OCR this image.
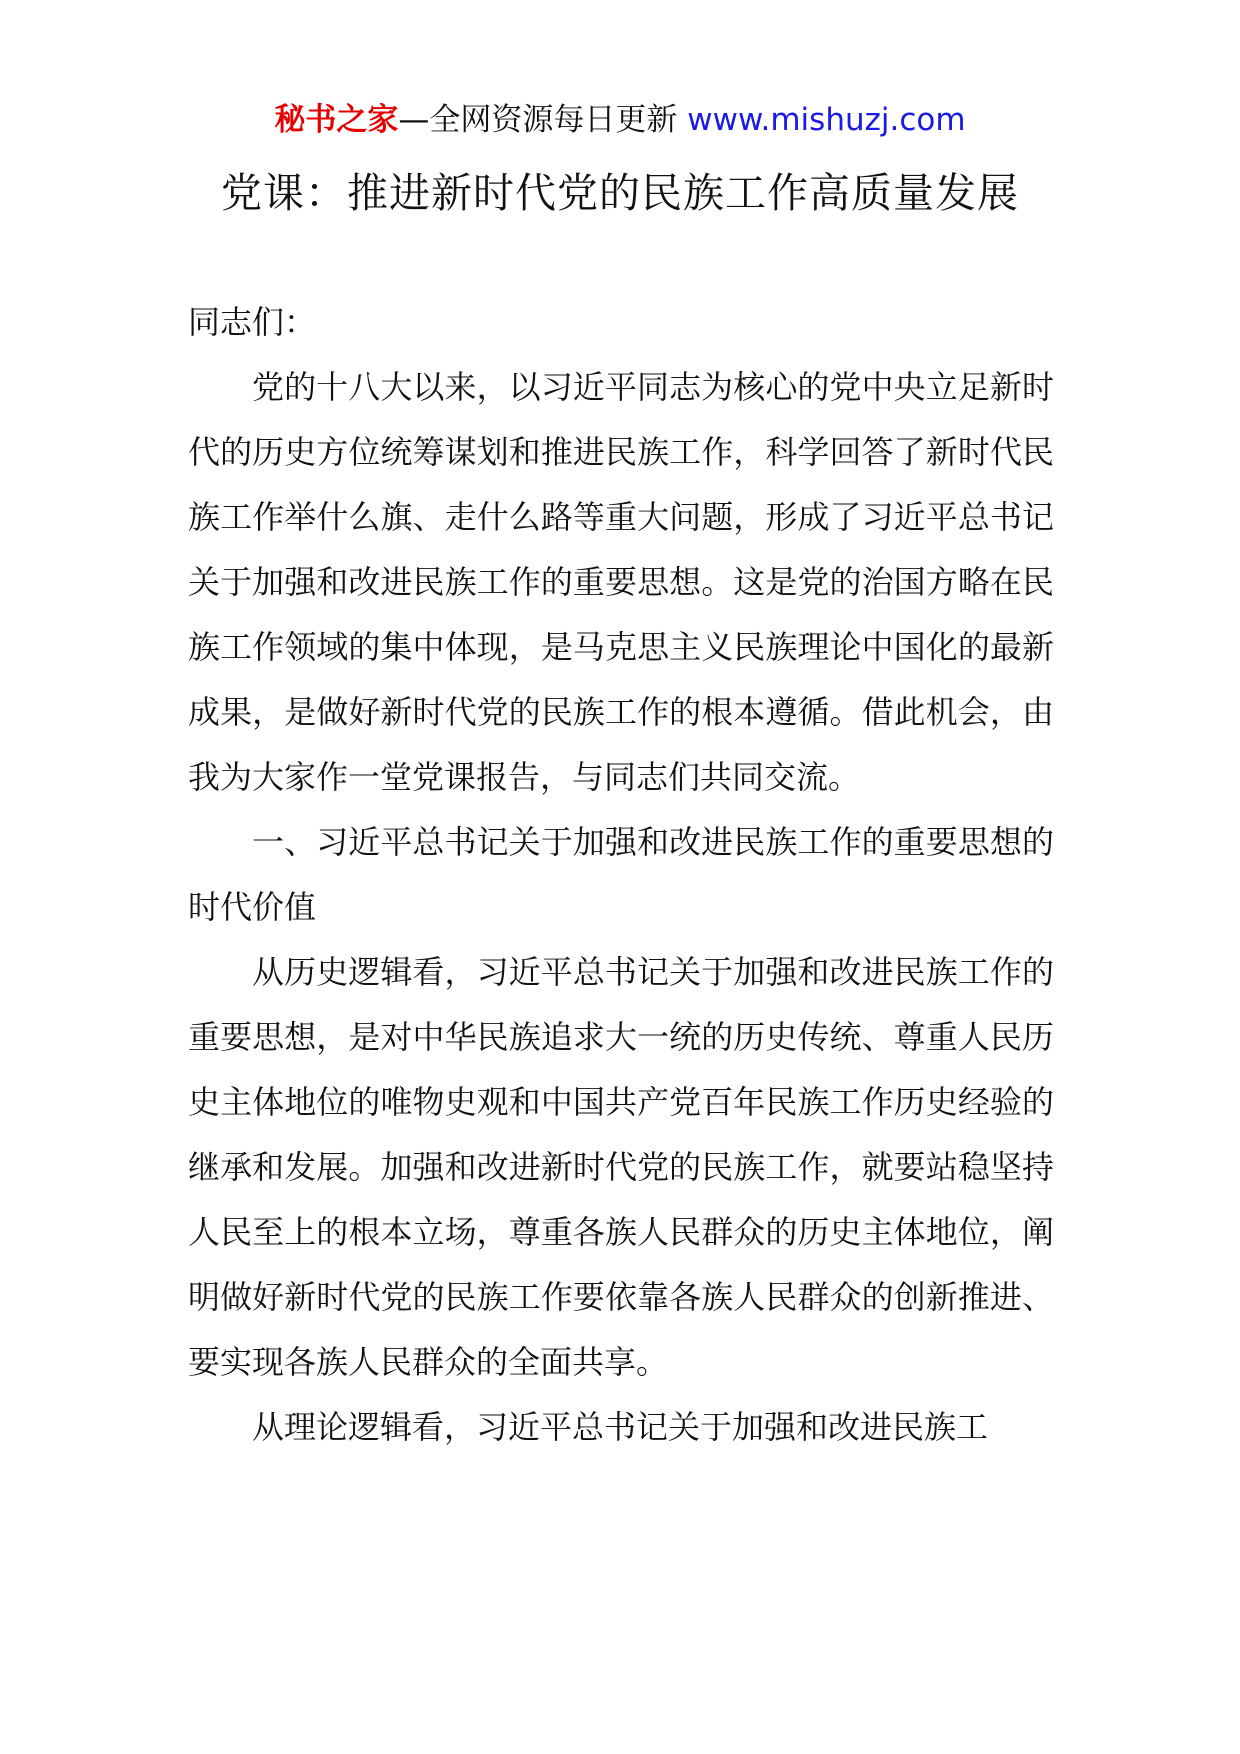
秘书之家—全网资源每日更新 www.mishuzj.com
党课：推进新时代党的民族工作高质量发展

同志们：

党的十八大以来，以习近平同志为核心的党中央立足新时代的历史方位统筹谋划和推进民族工作，科学回答了新时代民族工作举什么旗、走什么路等重大问题，形成了习近平总书记关于加强和改进民族工作的重要思想。这是党的治国方略在民族工作领域的集中体现，是马克思主义民族理论中国化的最新成果，是做好新时代党的民族工作的根本遵循。借此机会，由我为大家作一堂党课报告，与同志们共同交流。

一、习近平总书记关于加强和改进民族工作的重要思想的时代价值

从历史逻辑看，习近平总书记关于加强和改进民族工作的重要思想，是对中华民族追求大一统的历史传统、尊重人民历史主体地位的唯物史观和中国共产党百年民族工作历史经验的继承和发展。加强和改进新时代党的民族工作，就要站稳坚持人民至上的根本立场，尊重各族人民群众的历史主体地位，阐明做好新时代党的民族工作要依靠各族人民群众的创新推进、要实现各族人民群众的全面共享。

从理论逻辑看，习近平总书记关于加强和改进民族工
